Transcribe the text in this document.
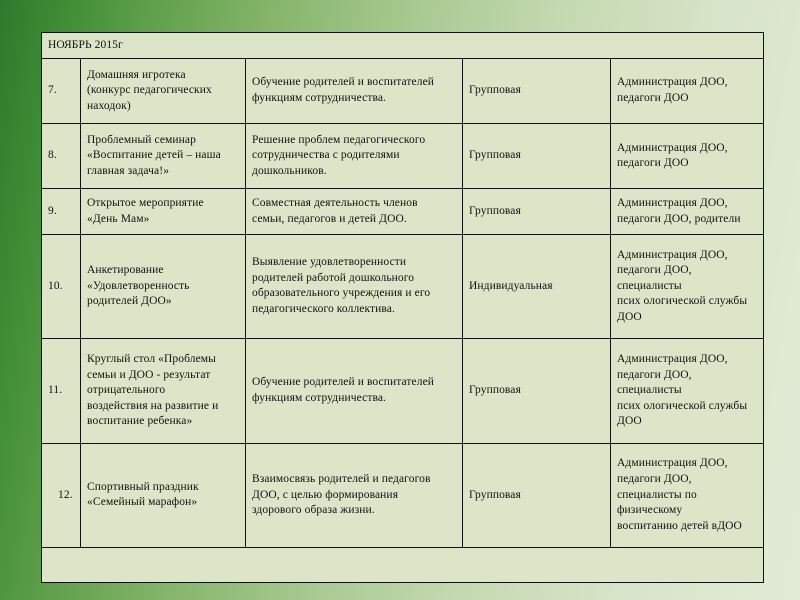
НОЯБРЬ 2015г				
7.	Домашняя игротека
(конкурс педагогических
находок)	Обучение родителей и воспитателей
функциям сотрудничества.	Групповая	Администрация ДОО,
педагоги ДОО

8.	Проблемный семинар
«Воспитание детей – наша
главная задача!»	Решение проблем педагогического
сотрудничества с родителями
дошкольников.	Групповая	Администрация ДОО,
педагоги ДОО

9.	Открытое мероприятие
«День Мам»	Совместная деятельность членов
семьи, педагогов и детей ДОО.	Групповая	Администрация ДОО,
педагоги ДОО, родители

10.	Анкетирование
«Удовлетворенность
родителей ДОО»	Выявление удовлетворенности
родителей работой дошкольного
образовательного учреждения и его
педагогического коллектива.	Индивидуальная	Администрация ДОО,
педагоги ДОО,
специалисты
псих ологической службы
ДОО

11.	Круглый стол «Проблемы
семьи и ДОО - результат
отрицательного
воздействия на развитие и
воспитание ребенка»	Обучение родителей и воспитателей
функциям сотрудничества.	Групповая	Администрация ДОО,
педагоги ДОО,
специалисты
псих ологической службы
ДОО

12.	Спортивный праздник
«Семейный марафон»	Взаимосвязь родителей и педагогов
ДОО, с целью формирования
здорового образа жизни.	Групповая	Администрация ДОО,
педагоги ДОО,
специалисты по
физическому
воспитанию детей вДОО
